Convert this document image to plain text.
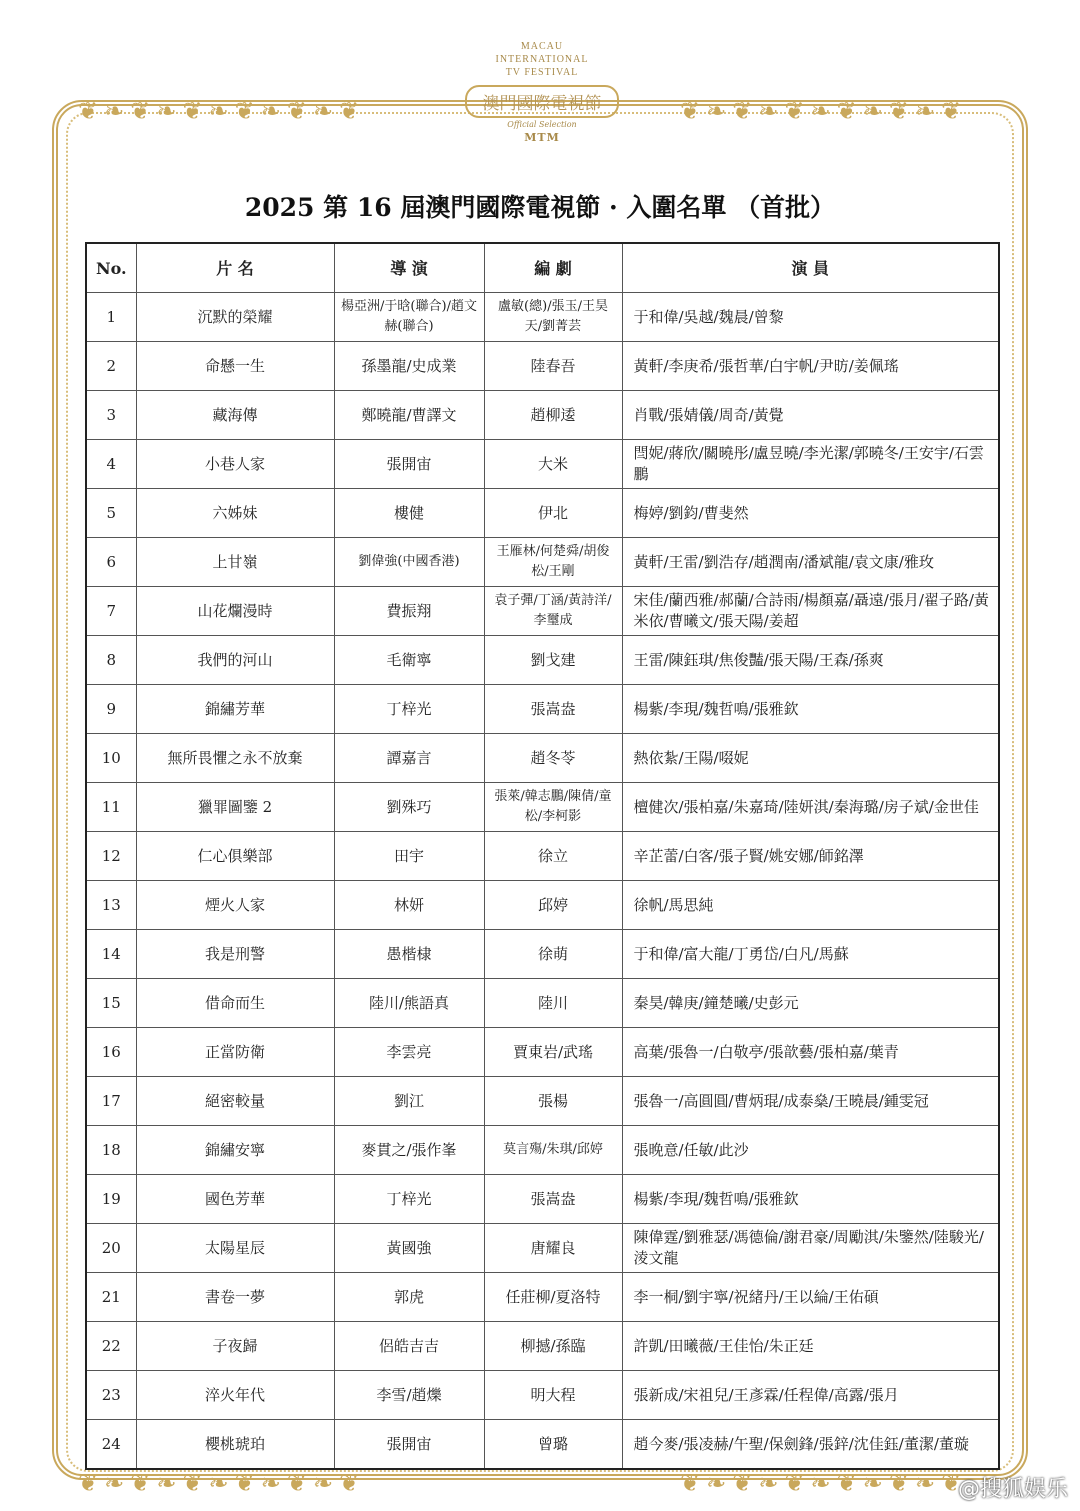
❦❧❦❧❦❧❦❧❦❧❦	❦❧❦❧❦❧❦❧❦❧❦
❦❧❦❧❦❧❦❧❦❧❦	❦❧❦❧❦❧❦❧❦❧❦
MACAU
INTERNATIONAL
TV FESTIVAL
澳門國際電視節
Official Selection
MTM
2025 第 16 屆澳門國際電視節 · 入圍名單 （首批）
No.	片 名	導 演	編 劇	演 員
1	沉默的榮耀	楊亞洲/于晗(聯合)/趙文赫(聯合)	盧敏(總)/張玉/王昊天/劉菁芸	于和偉/吳越/魏晨/曾黎
2	命懸一生	孫墨龍/史成業	陸春吾	黃軒/李庚希/張哲華/白宇帆/尹昉/姜佩瑤
3	藏海傳	鄭曉龍/曹譯文	趙柳逶	肖戰/張婧儀/周奇/黃覺
4	小巷人家	張開宙	大米	閆妮/蔣欣/關曉彤/盧昱曉/李光潔/郭曉冬/王安宇/石雲鵬
5	六姊妹	樓健	伊北	梅婷/劉鈞/曹斐然
6	上甘嶺	劉偉強(中國香港)	王雁林/何楚舜/胡俊松/王剛	黃軒/王雷/劉浩存/趙潤南/潘斌龍/袁文康/雅玫
7	山花爛漫時	費振翔	袁子彈/丁涵/黃詩洋/李璽成	宋佳/蘭西雅/郝蘭/合詩雨/楊顏嘉/聶遠/張月/翟子路/黃米依/曹曦文/張天陽/姜超
8	我們的河山	毛衛寧	劉戈建	王雷/陳鈺琪/焦俊豔/張天陽/王森/孫爽
9	錦繡芳華	丁梓光	張嵩盎	楊紫/李現/魏哲鳴/張雅欽
10	無所畏懼之永不放棄	譚嘉言	趙冬苓	熱依紮/王陽/啜妮
11	獵罪圖鑒 2	劉殊巧	張萊/韓志鵬/陳倩/童松/李柯影	檀健次/張柏嘉/朱嘉琦/陸妍淇/秦海璐/房子斌/金世佳
12	仁心俱樂部	田宇	徐立	辛芷蕾/白客/張子賢/姚安娜/師銘澤
13	煙火人家	林妍	邱婷	徐帆/馬思純
14	我是刑警	愚楷棣	徐萌	于和偉/富大龍/丁勇岱/白凡/馬蘇
15	借命而生	陸川/熊語真	陸川	秦昊/韓庚/鐘楚曦/史彭元
16	正當防衛	李雲亮	賈東岩/武瑤	高葉/張魯一/白敬亭/張歆藝/張柏嘉/葉青
17	絕密較量	劉江	張楊	張魯一/高圓圓/曹炳琨/成泰燊/王曉晨/鍾雯冠
18	錦繡安寧	麥貫之/張作峯	莫言殤/朱琪/邱婷	張晚意/任敏/此沙
19	國色芳華	丁梓光	張嵩盎	楊紫/李現/魏哲鳴/張雅欽
20	太陽星辰	黃國強	唐耀良	陳偉霆/劉雅瑟/馮德倫/謝君豪/周勵淇/朱鑒然/陸駿光/淩文龍
21	書卷一夢	郭虎	任莊柳/夏洛特	李一桐/劉宇寧/祝緒丹/王以綸/王佑碩
22	子夜歸	侶皓吉吉	柳撼/孫臨	許凱/田曦薇/王佳怡/朱正廷
23	淬火年代	李雪/趙爍	明大程	張新成/宋祖兒/王彥霖/任程偉/高露/張月
24	櫻桃琥珀	張開宙	曾璐	趙今麥/張凌赫/午聖/保劍鋒/張鋅/沈佳鈺/董潔/董璇
@搜狐娱乐
